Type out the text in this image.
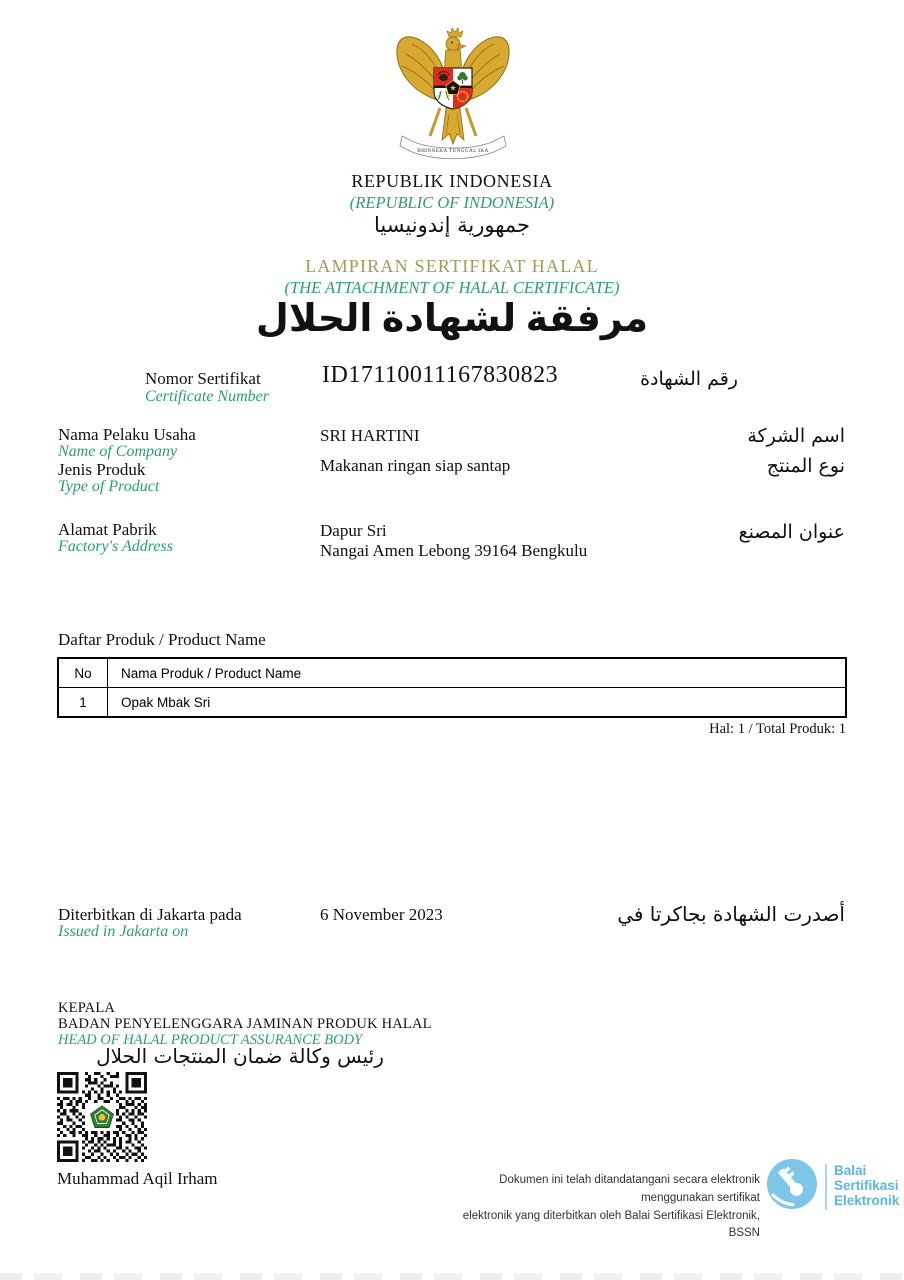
BHINNEKA TUNGGAL IKA
REPUBLIK INDONESIA
(REPUBLIC OF INDONESIA)
جمهورية إندونيسيا
LAMPIRAN SERTIFIKAT HALAL
(THE ATTACHMENT OF HALAL CERTIFICATE)
مرفقة لشهادة الحلال
Nomor Sertifikat
Certificate Number
ID17110011167830823	رقم الشهادة
Nama Pelaku Usaha
Name of Company
SRI HARTINI	اسم الشركة
Jenis Produk
Type of Product
Makanan ringan siap santap	نوع المنتج
Alamat Pabrik
Factory's Address
Dapur Sri
Nangai Amen Lebong 39164 Bengkulu
عنوان المصنع
Daftar Produk / Product Name
No	Nama Produk / Product Name
1	Opak Mbak Sri
Hal: 1 / Total Produk: 1
Diterbitkan di Jakarta pada
Issued in Jakarta on
6 November 2023	أصدرت الشهادة بجاكرتا في
KEPALA
BADAN PENYELENGGARA JAMINAN PRODUK HALAL
HEAD OF HALAL PRODUCT ASSURANCE BODY
رئيس وكالة ضمان المنتجات الحلال
Muhammad Aqil Irham	Dokumen ini telah ditandatangani secara elektronik menggunakan sertifikat
elektronik yang diterbitkan oleh Balai Sertifikasi Elektronik, BSSN
Balai
Sertifikasi
Elektronik
